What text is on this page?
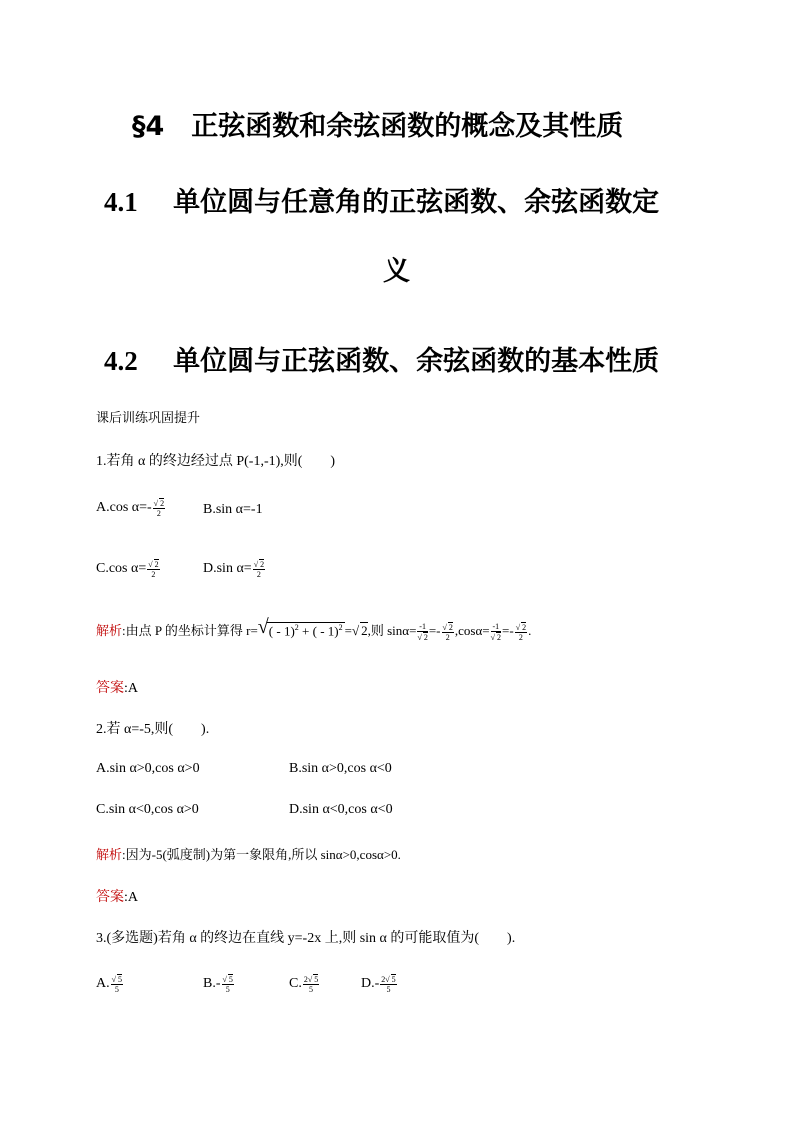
§4　正弦函数和余弦函数的概念及其性质
4.1 单位圆与任意角的正弦函数、余弦函数定
义
4.2 单位圆与正弦函数、余弦函数的基本性质
课后训练巩固提升
1.若角 α 的终边经过点 P(-1,-1),则(　　)
A.cos $\alpha=- \frac{√ 2}{2}$	B.sin α=-1
C.cos $\alpha= \frac{√ 2}{2}$	D.sin $\alpha= \frac{√ 2}{2}$
解析:由点 P 的坐标计算得 r= √ ( - 1)$^2$ + ( - 1)$^2$ =√ 2,则 $\sin\alpha= \frac{-1}{√ 2} =- \frac{√ 2}{2} ,\cos\alpha= \frac{-1}{√ 2} =- \frac{√ 2}{2}$ .
答案:A
2.若 α=-5,则(　　).
A.sin α>0,cos α>0	B.sin α>0,cos α<0
C.sin α<0,cos α>0	D.sin α<0,cos α<0
解析:因为-5(弧度制)为第一象限角,所以 sinα>0,cosα>0.
答案:A
3.(多选题)若角 α 的终边在直线 y=-2x 上,则 sin α 的可能取值为(　　).
A. $\frac{√ 5}{5}$	$B.- \frac{√ 5}{5}$	C. $\frac{2√ 5}{5}$	$D.- \frac{2√ 5}{5}$
